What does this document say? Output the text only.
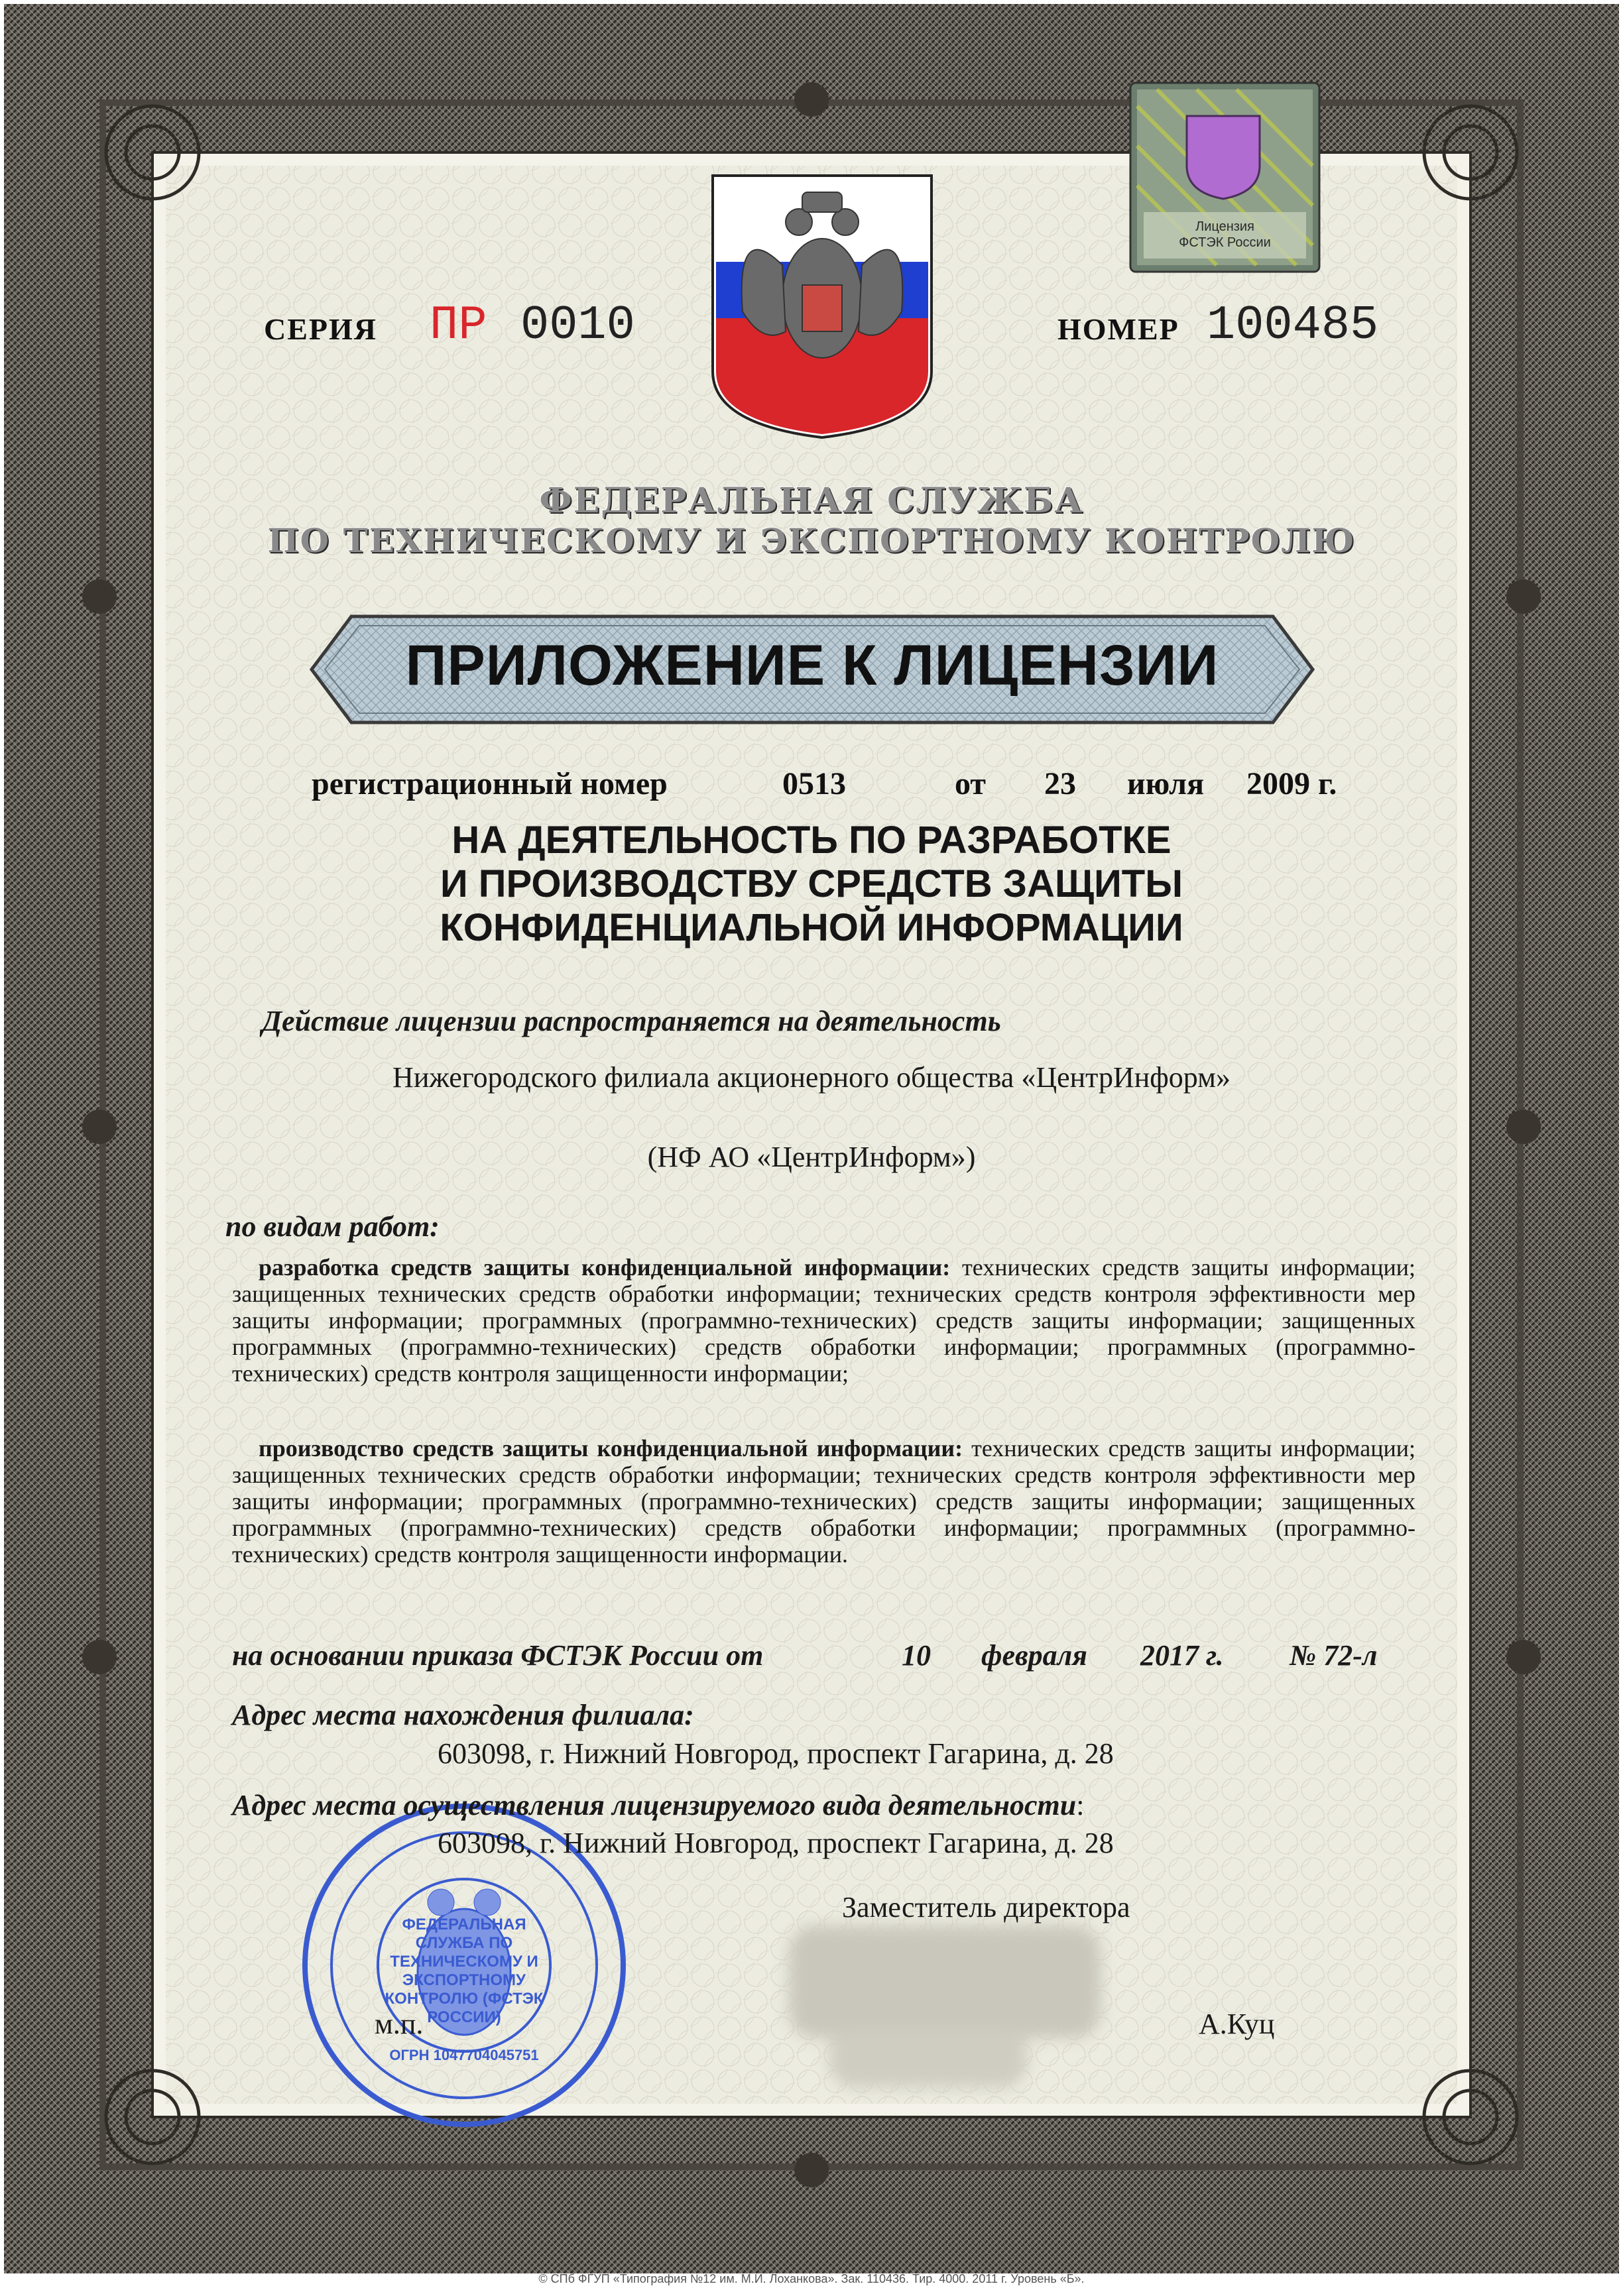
СЕРИЯ ПР 0010	НОМЕР 100485
Лицензия
ФСТЭК России
ФЕДЕРАЛЬНАЯ СЛУЖБА
ПО ТЕХНИЧЕСКОМУ И ЭКСПОРТНОМУ КОНТРОЛЮ
ПРИЛОЖЕНИЕ К ЛИЦЕНЗИИ
регистрационный номер	0513	от 23 июля 2009 г.
НА ДЕЯТЕЛЬНОСТЬ ПО РАЗРАБОТКЕ
И ПРОИЗВОДСТВУ СРЕДСТВ ЗАЩИТЫ
КОНФИДЕНЦИАЛЬНОЙ ИНФОРМАЦИИ
Действие лицензии распространяется на деятельность
Нижегородского филиала акционерного общества «ЦентрИнформ»
(НФ АО «ЦентрИнформ»)
по видам работ:
разработка средств защиты конфиденциальной информации: технических средств защиты информации; защищенных технических средств обработки информации; технических средств контроля эффективности мер защиты информации; программных (программно-технических) средств защиты информации; защищенных программных (программно-технических) средств обработки информации; программных (программно-технических) средств контроля защищенности информации;
производство средств защиты конфиденциальной информации: технических средств защиты информации; защищенных технических средств обработки информации; технических средств контроля эффективности мер защиты информации; программных (программно-технических) средств защиты информации; защищенных программных (программно-технических) средств обработки информации; программных (программно-технических) средств контроля защищенности информации.
на основании приказа ФСТЭК России от	10 февраля 2017 г. № 72-л
Адрес места нахождения филиала:
603098, г. Нижний Новгород, проспект Гагарина, д. 28
Адрес места осуществления лицензируемого вида деятельности:
603098, г. Нижний Новгород, проспект Гагарина, д. 28
Заместитель директора
м.п.	А.Куц
ФЕДЕРАЛЬНАЯ СЛУЖБА ПО ТЕХНИЧЕСКОМУ И ЭКСПОРТНОМУ КОНТРОЛЮ (ФСТЭК РОССИИ)
ОГРН 1047704045751
© СПб ФГУП «Типография №12 им. М.И. Лоханкова». Зак. 110436. Тир. 4000. 2011 г. Уровень «Б».
